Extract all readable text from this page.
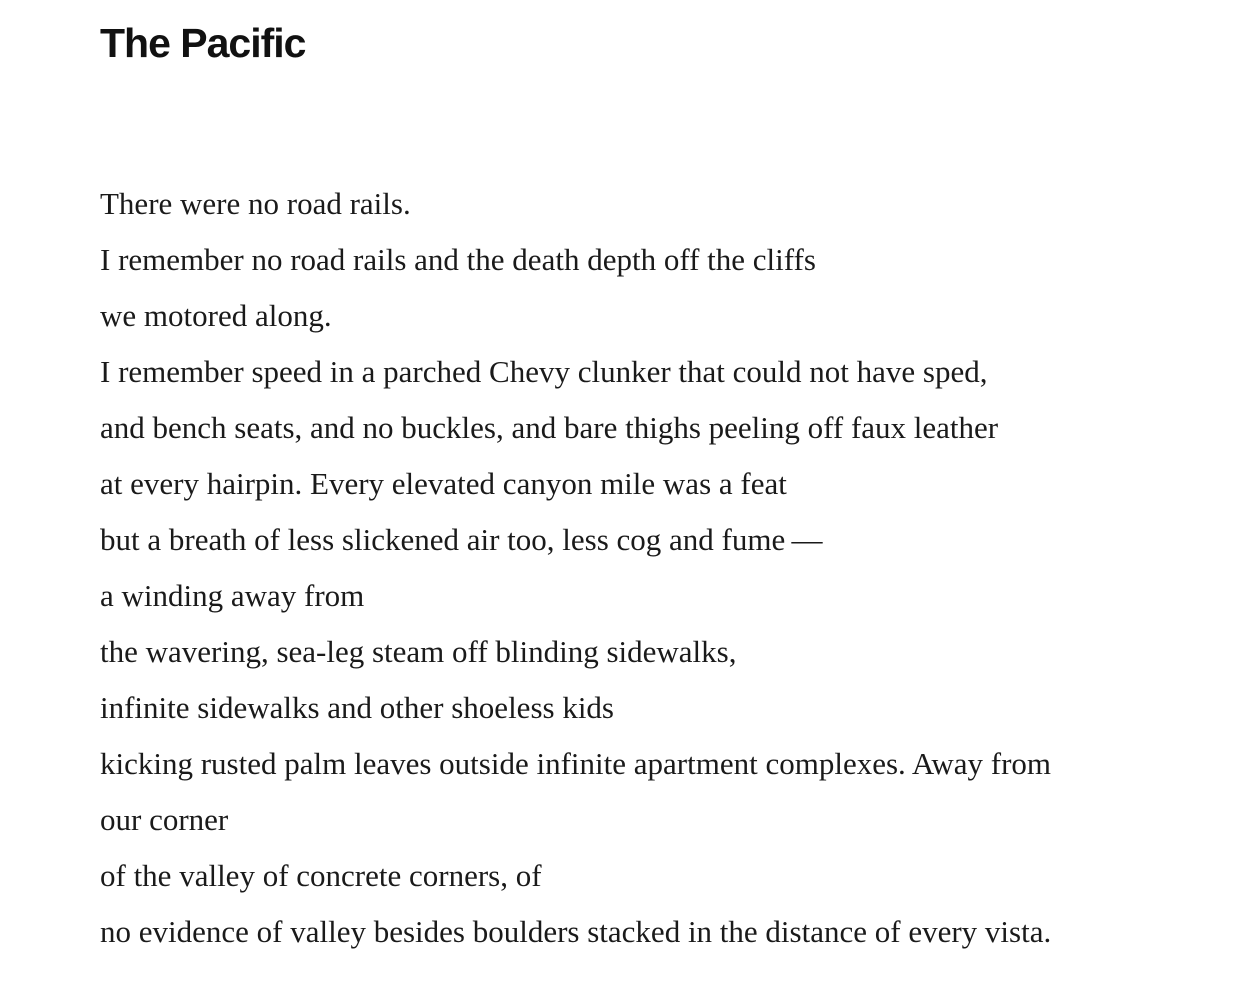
The Pacific
There were no road rails.
I remember no road rails and the death depth off the cliffs
we motored along.
I remember speed in a parched Chevy clunker that could not have sped,
and bench seats, and no buckles, and bare thighs peeling off faux leather
at every hairpin. Every elevated canyon mile was a feat
but a breath of less slickened air too, less cog and fume —
a winding away from
the wavering, sea-leg steam off blinding sidewalks,
infinite sidewalks and other shoeless kids
kicking rusted palm leaves outside infinite apartment complexes. Away from
our corner
of the valley of concrete corners, of
no evidence of valley besides boulders stacked in the distance of every vista.
